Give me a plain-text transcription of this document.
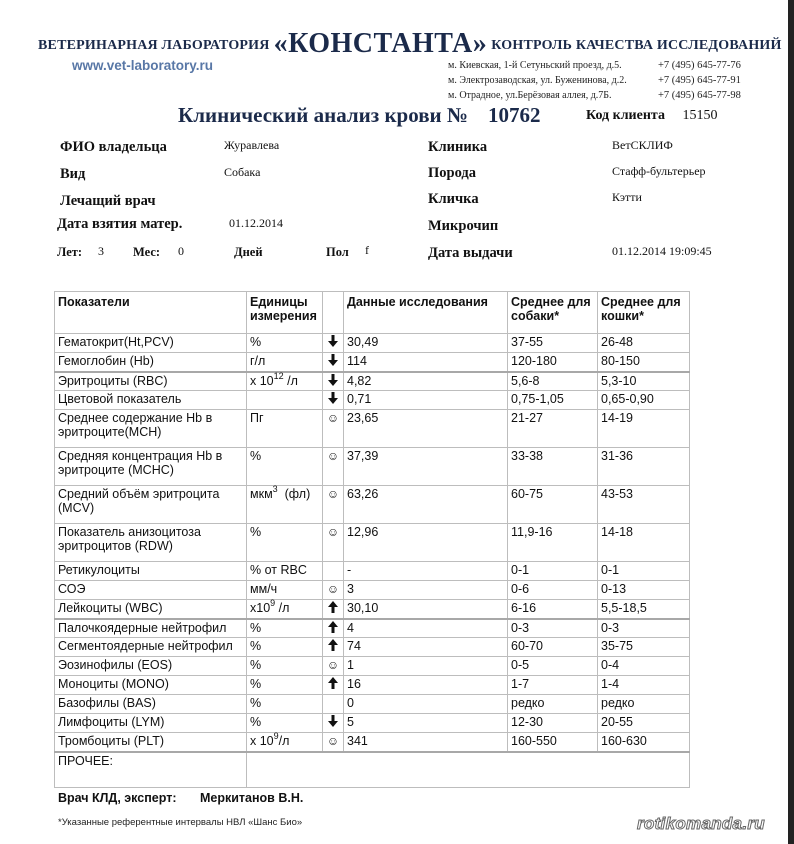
ВЕТЕРИНАРНАЯ ЛАБОРАТОРИЯ «КОНСТАНТА» КОНТРОЛЬ КАЧЕСТВА ИССЛЕДОВАНИЙ
www.vet-laboratory.ru	м. Киевская, 1-й Сетуньский проезд, д.5.	+7 (495) 645-77-76
м. Электрозаводская, ул. Буженинова, д.2.	+7 (495) 645-77-91
м. Отрадное, ул.Берёзовая аллея, д.7Б.	+7 (495) 645-77-98
Клинический анализ крови № 10762	Код клиента 15150
ФИО владельца	Журавлева
Вид	Собака
Лечащий врач
Дата взятия матер.	01.12.2014
Лет: 3 Мес: 0	Дней	Пол f
Клиника	ВетСКЛИФ
Порода	Стафф-бультерьер
Кличка	Кэтти
Микрочип
Дата выдачи	01.12.2014 19:09:45
Показатели	Единицы измерения		Данные исследования	Среднее для собаки*	Среднее для кошки*
Гематокрит(Ht,PCV)	%		30,49	37-55	26-48
Гемоглобин (Hb)	г/л		114	120-180	80-150
Эритроциты (RBC)	x $10^{12}$ /л		4,82	5,6-8	5,3-10
Цветовой показатель			0,71	0,75-1,05	0,65-0,90
Среднее содержание Hb в эритроците(MCH)	Пг	☺	23,65	21-27	14-19
Средняя концентрация Hb в эритроците (MCHC)	%	☺	37,39	33-38	31-36
Средний объём эритроцита (MCV)	мкм$^3$  (фл)	☺	63,26	60-75	43-53
Показатель анизоцитоза эритроцитов (RDW)	%	☺	12,96	11,9-16	14-18
Ретикулоциты	% от RBC		-	0-1	0-1
СОЭ	мм/ч	☺	3	0-6	0-13
Лейкоциты (WBC)	$x10^9$ /л		30,10	6-16	5,5-18,5
Палочкоядерные нейтрофил	%		4	0-3	0-3
Сегментоядерные нейтрофил	%		74	60-70	35-75
Эозинофилы (EOS)	%	☺	1	0-5	0-4
Моноциты (MONO)	%		16	1-7	1-4
Базофилы (BAS)	%		0	редко	редко
Лимфоциты (LYM)	%		5	12-30	20-55
Тромбоциты (PLT)	x $10^9/л$	☺	341	160-550	160-630
ПРОЧЕЕ:					
Врач КЛД, эксперт: Меркитанов В.Н.
*Указанные референтные интервалы НВЛ «Шанс Био»	rotikomanda.ru
